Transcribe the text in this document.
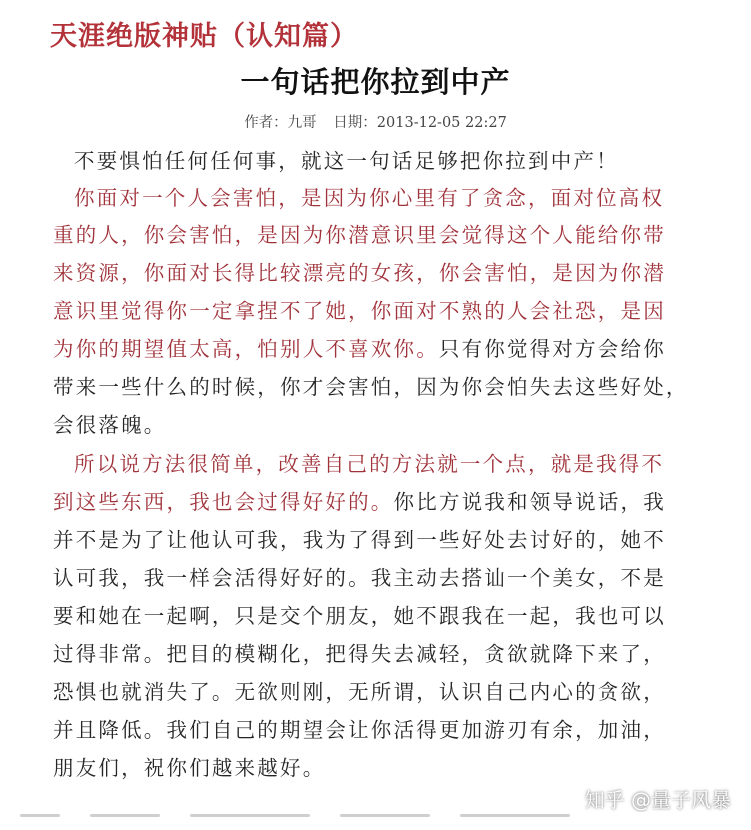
天涯绝版神贴（认知篇）
一句话把你拉到中产
作者：九哥 日期：2013-12-05 22:27
不要惧怕任何任何事，就这一句话足够把你拉到中产！
你面对一个人会害怕，是因为你心里有了贪念，面对位高权
重的人，你会害怕，是因为你潜意识里会觉得这个人能给你带
来资源，你面对长得比较漂亮的女孩，你会害怕，是因为你潜
意识里觉得你一定拿捏不了她，你面对不熟的人会社恐，是因
为你的期望值太高，怕别人不喜欢你。只有你觉得对方会给你
带来一些什么的时候，你才会害怕，因为你会怕失去这些好处，
会很落魄。
所以说方法很简单，改善自己的方法就一个点，就是我得不
到这些东西，我也会过得好好的。你比方说我和领导说话，我
并不是为了让他认可我，我为了得到一些好处去讨好的，她不
认可我，我一样会活得好好的。我主动去搭讪一个美女，不是
要和她在一起啊，只是交个朋友，她不跟我在一起，我也可以
过得非常。把目的模糊化，把得失去减轻，贪欲就降下来了，
恐惧也就消失了。无欲则刚，无所谓，认识自己内心的贪欲，
并且降低。我们自己的期望会让你活得更加游刃有余，加油，
朋友们，祝你们越来越好。
知乎 @量子风暴
